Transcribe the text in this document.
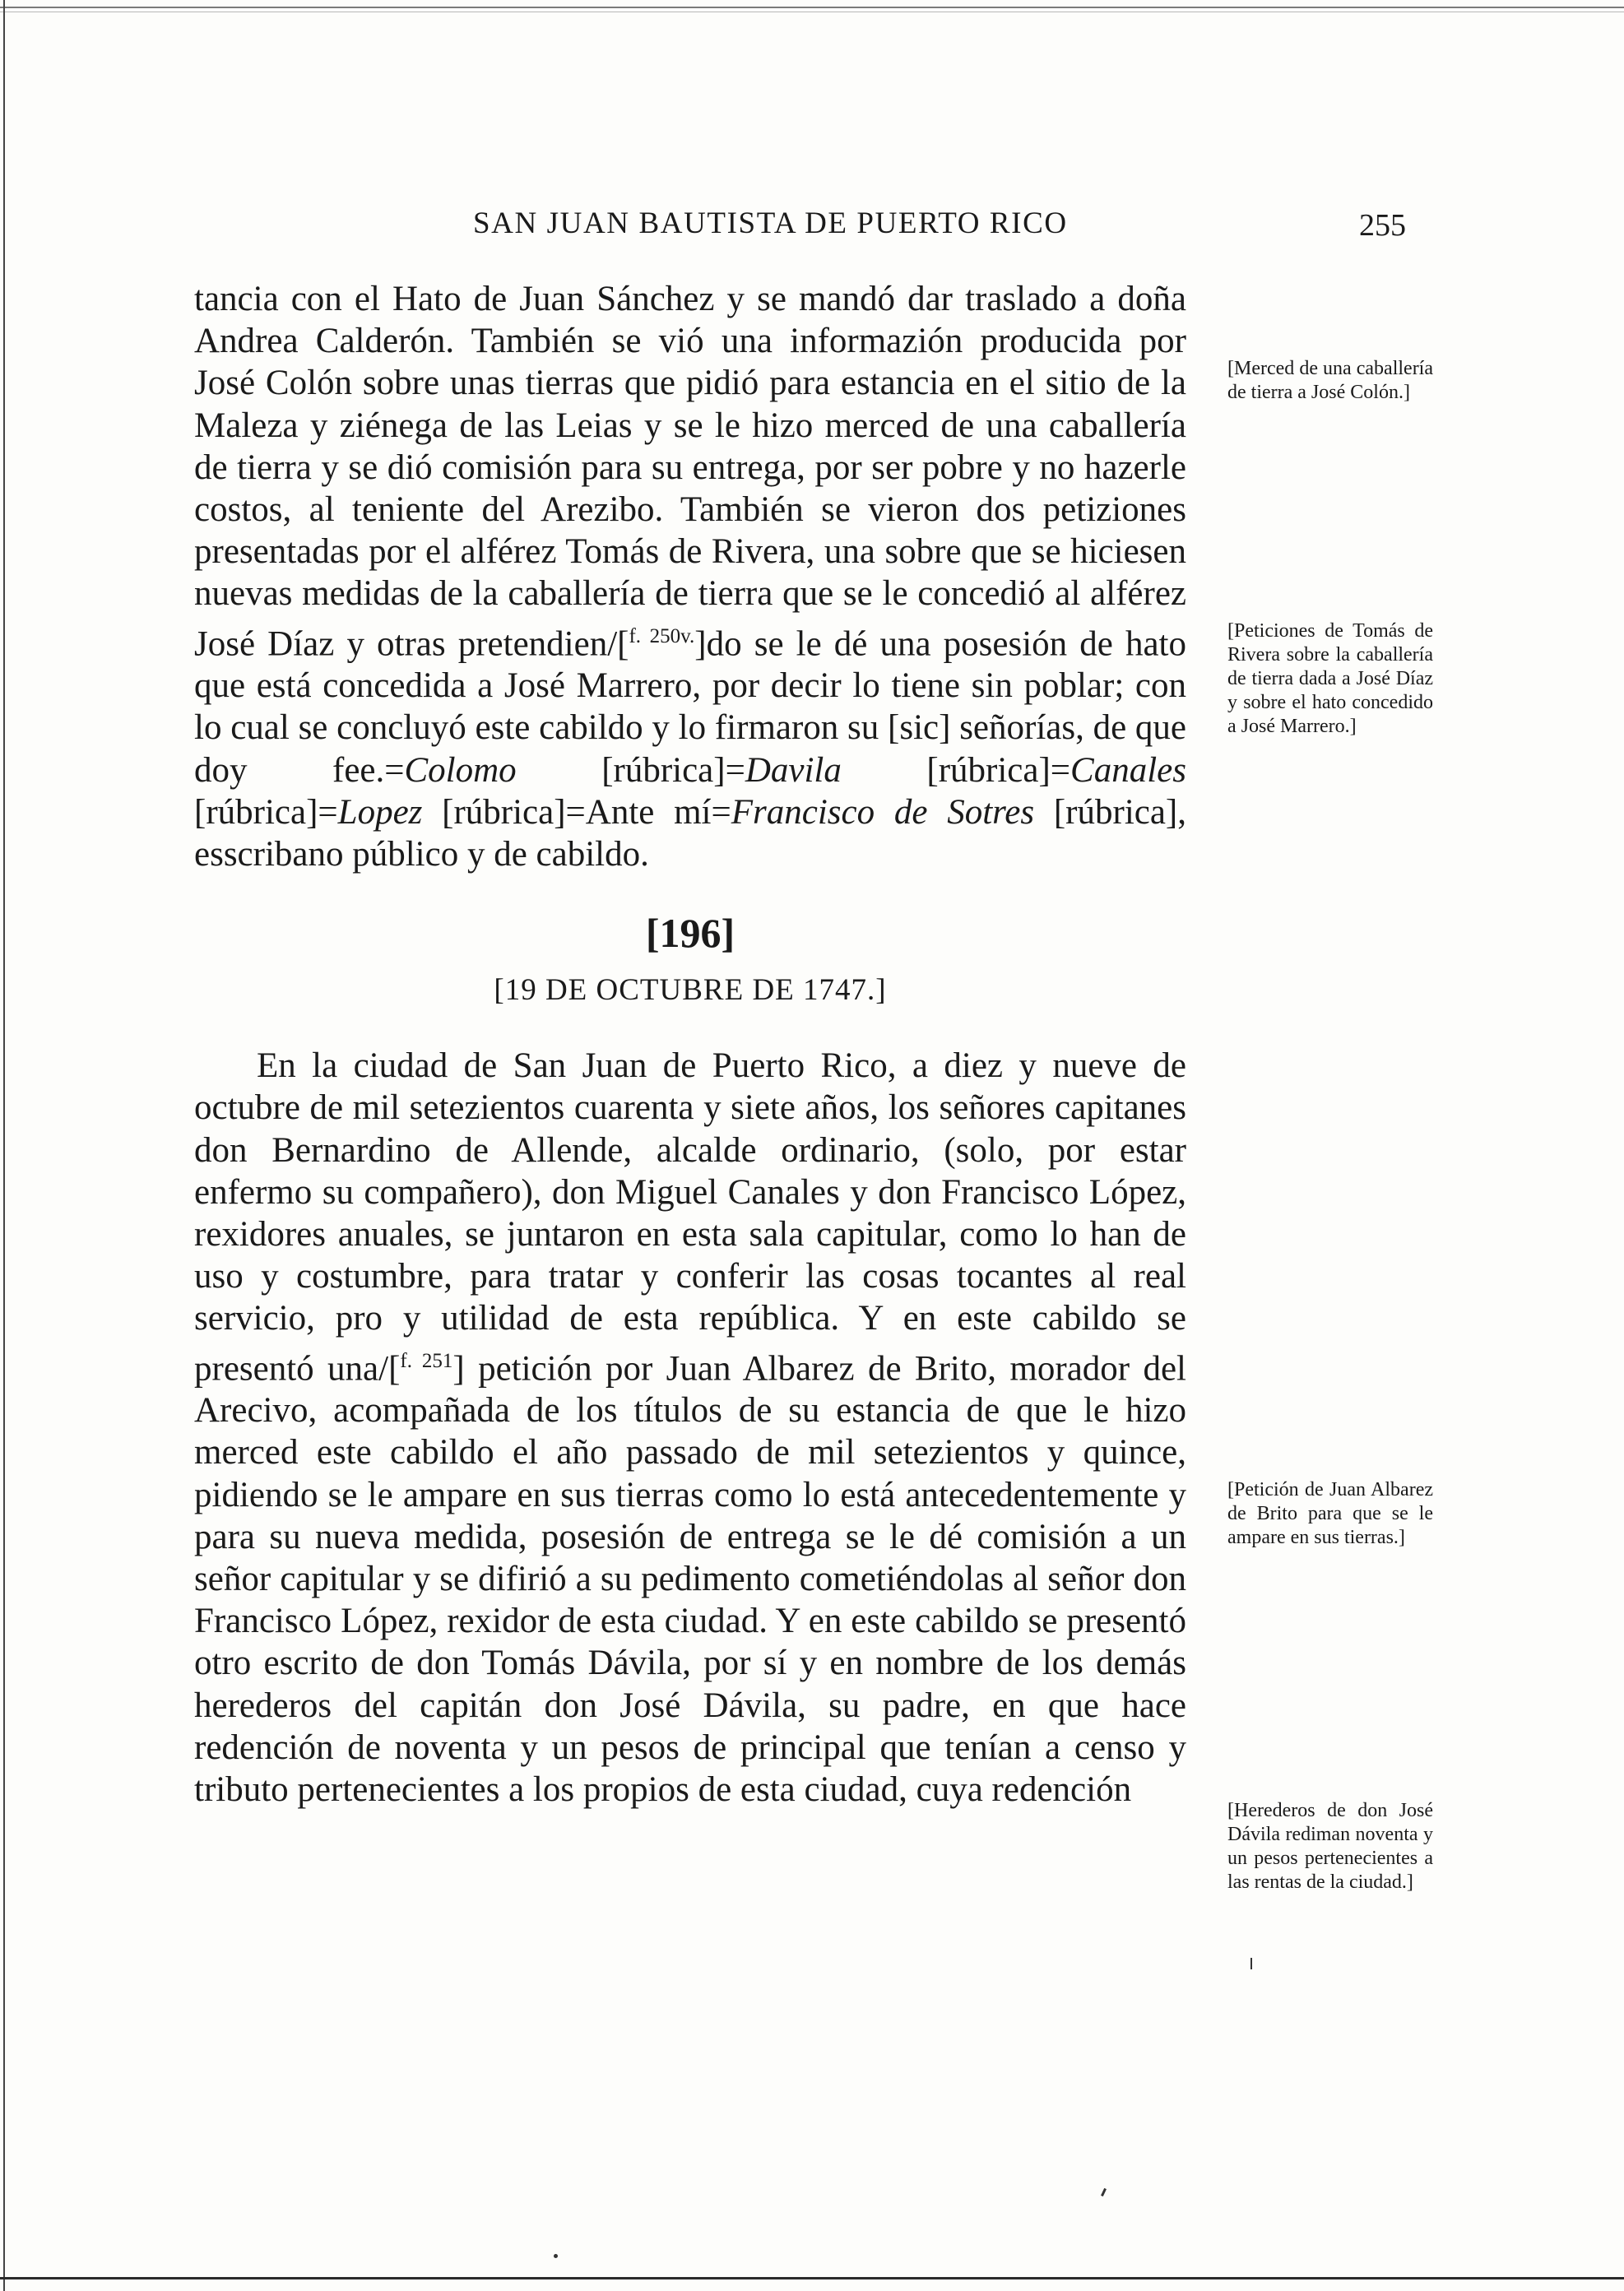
SAN JUAN BAUTISTA DE PUERTO RICO	255

tancia con el Hato de Juan Sánchez y se mandó dar traslado a doña Andrea Calderón. También se vió una informazión producida por José Colón sobre unas tierras que pidió para estancia en el sitio de la Maleza y ziénega de las Leias y se le hizo merced de una caballería de tierra y se dió comisión para su entrega, por ser pobre y no hazerle costos, al teniente del Arezibo. También se vieron dos petiziones presentadas por el alférez Tomás de Rivera, una sobre que se hiciesen nuevas medidas de la caballería de tierra que se le concedió al alférez José Díaz y otras pretendien/[$^{f. 250v.}$]do se le dé una posesión de hato que está concedida a José Marrero, por decir lo tiene sin poblar; con lo cual se concluyó este cabildo y lo firmaron su [sic] señorías, de que doy fee.=Colomo [rúbrica]=Davila [rúbrica]=Canales [rúbrica]=Lopez [rúbrica]=Ante mí=Francisco de Sotres [rúbrica], esscribano público y de cabildo.

[196]
[19 DE OCTUBRE DE 1747.]

En la ciudad de San Juan de Puerto Rico, a diez y nueve de octubre de mil setezientos cuarenta y siete años, los señores capitanes don Bernardino de Allende, alcalde ordinario, (solo, por estar enfermo su compañero), don Miguel Canales y don Francisco López, rexidores anuales, se juntaron en esta sala capitular, como lo han de uso y costumbre, para tratar y conferir las cosas tocantes al real servicio, pro y utilidad de esta república. Y en este cabildo se presentó una/[$^{f. 251}$] petición por Juan Albarez de Brito, morador del Arecivo, acompañada de los títulos de su estancia de que le hizo merced este cabildo el año passado de mil setezientos y quince, pidiendo se le ampare en sus tierras como lo está antecedentemente y para su nueva medida, posesión de entrega se le dé comisión a un señor capitular y se difirió a su pedimento cometiéndolas al señor don Francisco López, rexidor de esta ciudad. Y en este cabildo se presentó otro escrito de don Tomás Dávila, por sí y en nombre de los demás herederos del capitán don José Dávila, su padre, en que hace redención de noventa y un pesos de principal que tenían a censo y tributo pertenecientes a los propios de esta ciudad, cuya redención

[Merced de una caballería de tierra a José Colón.]
[Peticiones de Tomás de Rivera sobre la caballería de tierra dada a José Díaz y sobre el hato concedido a José Marrero.]
[Petición de Juan Albarez de Brito para que se le ampare en sus tierras.]
[Herederos de don José Dávila rediman noventa y un pesos pertenecientes a las rentas de la ciudad.]
